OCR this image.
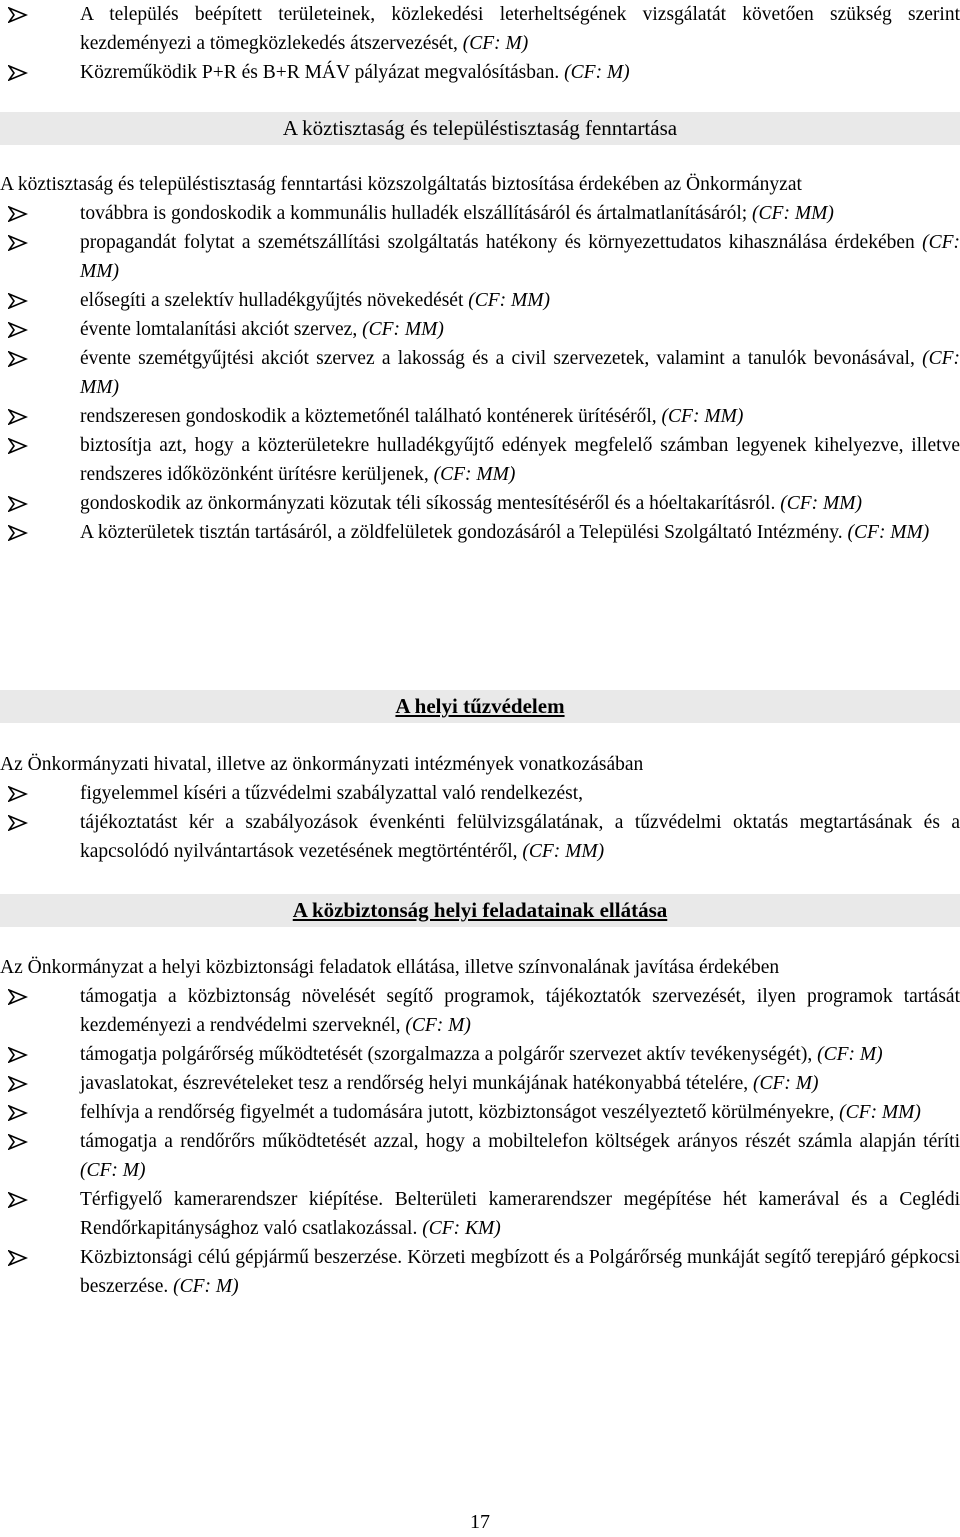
A település beépített területeinek, közlekedési leterheltségének vizsgálatát követően szükség szerint kezdeményezi a tömegközlekedés átszervezését, (CF: M)
Közreműködik P+R és B+R MÁV pályázat megvalósításban. (CF: M)
A köztisztaság és településtisztaság fenntartása
A köztisztaság és településtisztaság fenntartási közszolgáltatás biztosítása érdekében az Önkormányzat
továbbra is gondoskodik a kommunális hulladék elszállításáról és ártalmatlanításáról; (CF: MM)
propagandát folytat a szemétszállítási szolgáltatás hatékony és környezettudatos kihasználása érdekében (CF: MM)
elősegíti a szelektív hulladékgyűjtés növekedését (CF: MM)
évente lomtalanítási akciót szervez, (CF: MM)
évente szemétgyűjtési akciót szervez a lakosság és a civil szervezetek, valamint a tanulók bevonásával, (CF: MM)
rendszeresen gondoskodik a köztemetőnél található konténerek ürítéséről, (CF: MM)
biztosítja azt, hogy a közterületekre hulladékgyűjtő edények megfelelő számban legyenek kihelyezve, illetve rendszeres időközönként ürítésre kerüljenek, (CF: MM)
gondoskodik az önkormányzati közutak téli síkosság mentesítéséről és a hóeltakarításról. (CF: MM)
A közterületek tisztán tartásáról, a zöldfelületek gondozásáról a Települési Szolgáltató Intézmény. (CF: MM)
A helyi tűzvédelem
Az Önkormányzati hivatal, illetve az önkormányzati intézmények vonatkozásában
figyelemmel kíséri a tűzvédelmi szabályzattal való rendelkezést,
tájékoztatást kér a szabályozások évenkénti felülvizsgálatának, a tűzvédelmi oktatás megtartásának és a kapcsolódó nyilvántartások vezetésének megtörténtéről, (CF: MM)
A közbiztonság helyi feladatainak ellátása
Az Önkormányzat a helyi közbiztonsági feladatok ellátása, illetve színvonalának javítása érdekében
támogatja a közbiztonság növelését segítő programok, tájékoztatók szervezését, ilyen programok tartását kezdeményezi a rendvédelmi szerveknél, (CF: M)
támogatja polgárőrség működtetését (szorgalmazza a polgárőr szervezet aktív tevékenységét), (CF: M)
javaslatokat, észrevételeket tesz a rendőrség helyi munkájának hatékonyabbá tételére, (CF: M)
felhívja a rendőrség figyelmét a tudomására jutott, közbiztonságot veszélyeztető körülményekre, (CF: MM)
támogatja a rendőrőrs működtetését azzal, hogy a mobiltelefon költségek arányos részét számla alapján téríti (CF: M)
Térfigyelő kamerarendszer kiépítése. Belterületi kamerarendszer megépítése hét kamerával és a Ceglédi Rendőrkapitánysághoz való csatlakozással. (CF: KM)
Közbiztonsági célú gépjármű beszerzése. Körzeti megbízott és a Polgárőrség munkáját segítő terepjáró gépkocsi beszerzése. (CF: M)
17
